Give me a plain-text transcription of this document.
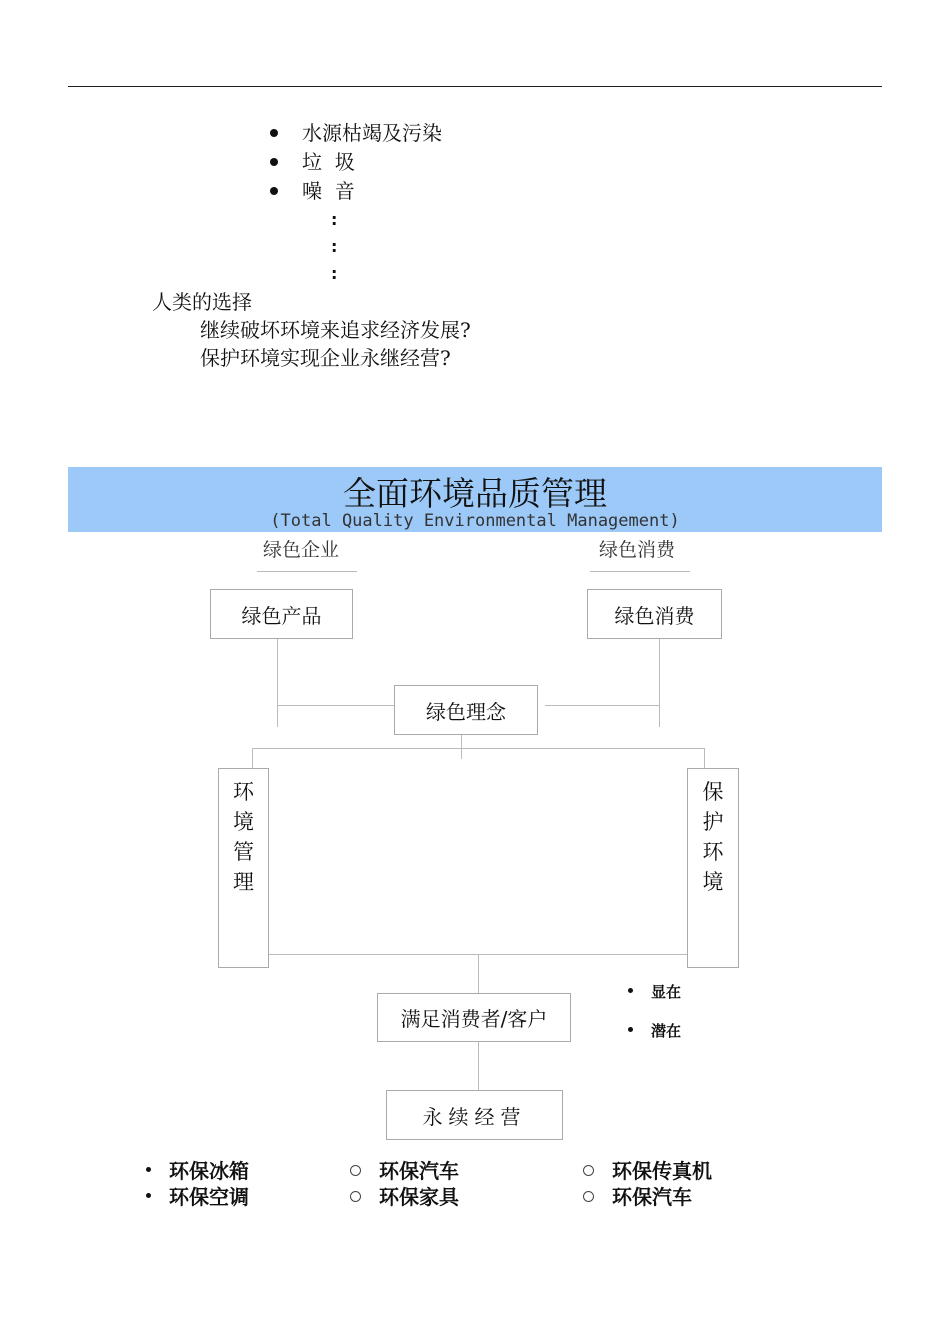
水源枯竭及污染
垃  圾
噪  音
:
:
:
人类的选择
继续破坏环境来追求经济发展?
保护环境实现企业永继经营?
全面环境品质管理
(Total Quality Environmental Management)
绿色企业	绿色消费
绿色产品	绿色消费
绿色理念
环境管理
保护环境
满足消费者/客户
永续经营
显在
潜在
环保冰箱
环保空调
环保汽车
环保家具
环保传真机
环保汽车
